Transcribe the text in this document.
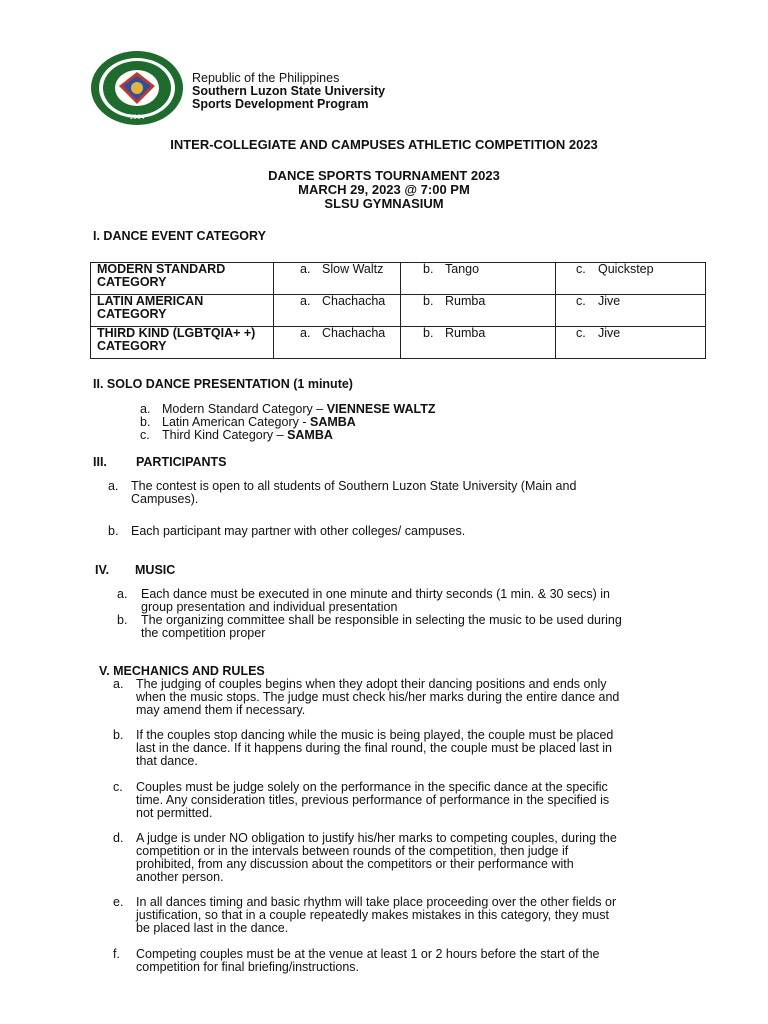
1964
Republic of the Philippines
Southern Luzon State University
Sports Development Program
INTER-COLLEGIATE AND CAMPUSES ATHLETIC COMPETITION 2023
DANCE SPORTS TOURNAMENT 2023
MARCH 29, 2023 @ 7:00 PM
SLSU GYMNASIUM
I. DANCE EVENT CATEGORY
MODERN STANDARD CATEGORY	a. Slow Waltz	b. Tango	c. Quickstep
LATIN AMERICAN CATEGORY	a. Chachacha	b. Rumba	c. Jive
THIRD KIND (LGBTQIA+ +) CATEGORY	a. Chachacha	b. Rumba	c. Jive
II. SOLO DANCE PRESENTATION (1 minute)
a. Modern Standard Category – VIENNESE WALTZ
b. Latin American Category - SAMBA
c. Third Kind Category – SAMBA
III. PARTICIPANTS
a. The contest is open to all students of Southern Luzon State University (Main and
Campuses).
b. Each participant may partner with other colleges/ campuses.
IV. MUSIC
a. Each dance must be executed in one minute and thirty seconds (1 min. & 30 secs) in
group presentation and individual presentation
b. The organizing committee shall be responsible in selecting the music to be used during
the competition proper
V. MECHANICS AND RULES
a. The judging of couples begins when they adopt their dancing positions and ends only
when the music stops. The judge must check his/her marks during the entire dance and
may amend them if necessary.
b. If the couples stop dancing while the music is being played, the couple must be placed
last in the dance. If it happens during the final round, the couple must be placed last in
that dance.
c. Couples must be judge solely on the performance in the specific dance at the specific
time. Any consideration titles, previous performance of performance in the specified is
not permitted.
d. A judge is under NO obligation to justify his/her marks to competing couples, during the
competition or in the intervals between rounds of the competition, then judge if
prohibited, from any discussion about the competitors or their performance with
another person.
e. In all dances timing and basic rhythm will take place proceeding over the other fields or
justification, so that in a couple repeatedly makes mistakes in this category, they must
be placed last in the dance.
f. Competing couples must be at the venue at least 1 or 2 hours before the start of the
competition for final briefing/instructions.
